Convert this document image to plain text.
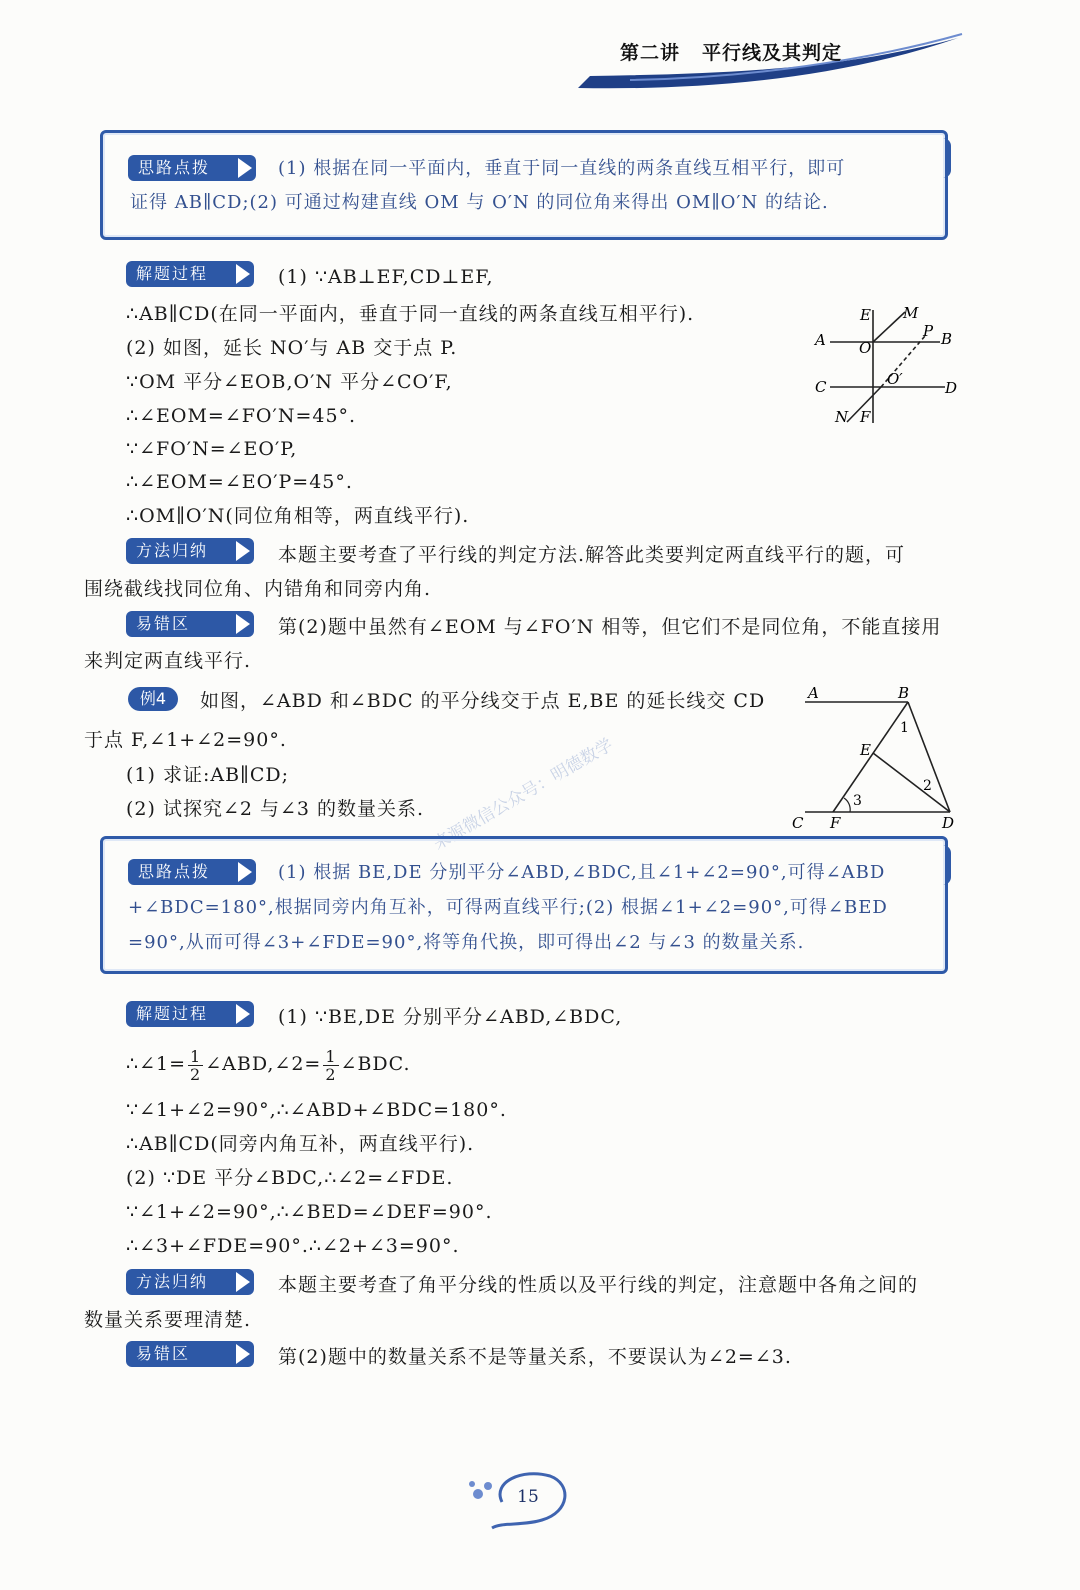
第二讲 平行线及其判定
思路点拨	(1) 根据在同一平面内，垂直于同一直线的两条直线互相平行，即可
证得 AB∥CD;(2) 可通过构建直线 OM 与 O′N 的同位角来得出 OM∥O′N 的结论.
解题过程	(1) ∵AB⊥EF,CD⊥EF,
∴AB∥CD(在同一平面内，垂直于同一直线的两条直线互相平行).
(2) 如图，延长 NO′与 AB 交于点 P.
∵OM 平分∠EOB,O′N 平分∠CO′F,
∴∠EOM=∠FO′N=45°.
∵∠FO′N=∠EO′P,
∴∠EOM=∠EO′P=45°.
∴OM∥O′N(同位角相等，两直线平行).
E M
A O
P B
C	O′	D
N F
方法归纳	本题主要考查了平行线的判定方法.解答此类要判定两直线平行的题，可
围绕截线找同位角、内错角和同旁内角.
易错区	第(2)题中虽然有∠EOM 与∠FO′N 相等，但它们不是同位角，不能直接用
来判定两直线平行.
例4	如图，∠ABD 和∠BDC 的平分线交于点 E,BE 的延长线交 CD
于点 F,∠1+∠2=90°.
(1) 求证:AB∥CD;
(2) 试探究∠2 与∠3 的数量关系.
A	B
E
1
2
3
C F	D
来源微信公众号：明德数学
思路点拨	(1) 根据 BE,DE 分别平分∠ABD,∠BDC,且∠1+∠2=90°,可得∠ABD
+∠BDC=180°,根据同旁内角互补，可得两直线平行;(2) 根据∠1+∠2=90°,可得∠BED
=90°,从而可得∠3+∠FDE=90°,将等角代换，即可得出∠2 与∠3 的数量关系.
解题过程	(1) ∵BE,DE 分别平分∠ABD,∠BDC,
∴∠1= $\frac{1}{2}$ ∠ABD,∠2= $\frac{1}{2}$ ∠BDC.
∵∠1+∠2=90°,∴∠ABD+∠BDC=180°.
∴AB∥CD(同旁内角互补，两直线平行).
(2) ∵DE 平分∠BDC,∴∠2=∠FDE.
∵∠1+∠2=90°,∴∠BED=∠DEF=90°.
∴∠3+∠FDE=90°.∴∠2+∠3=90°.
方法归纳	本题主要考查了角平分线的性质以及平行线的判定，注意题中各角之间的
数量关系要理清楚.
易错区	第(2)题中的数量关系不是等量关系，不要误认为∠2=∠3.
15
